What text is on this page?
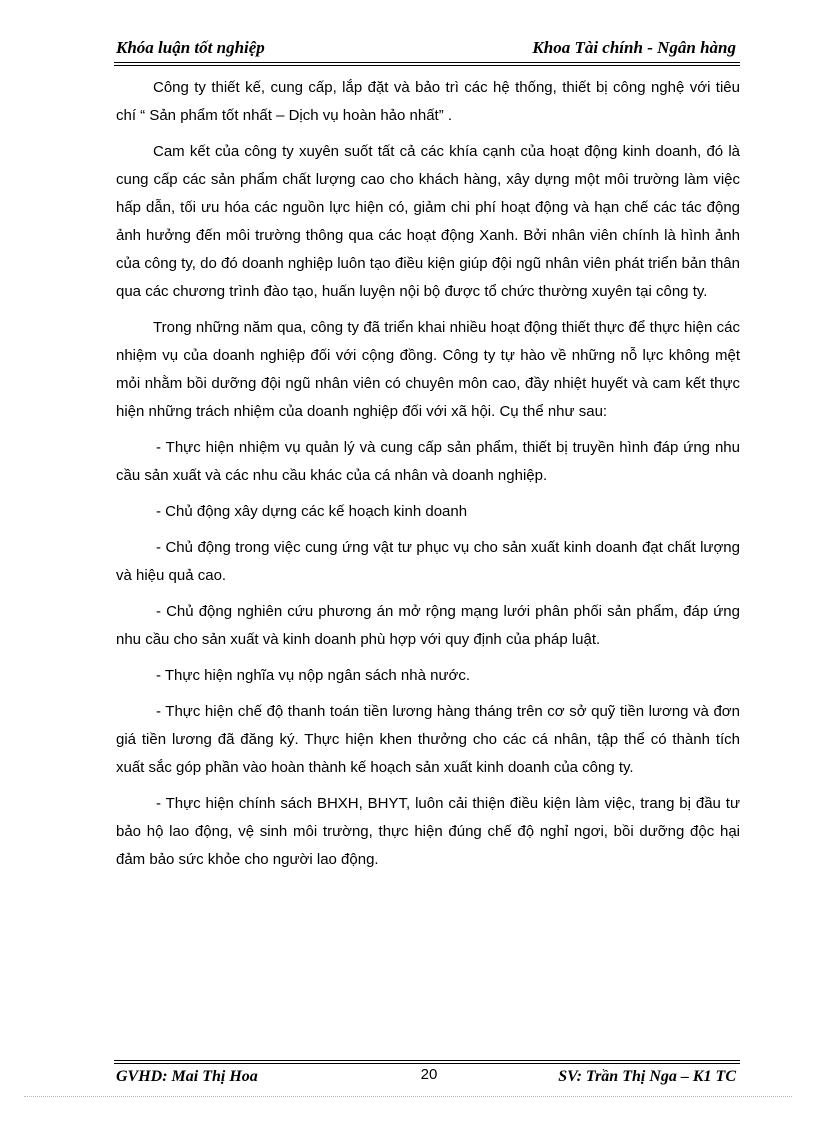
Khóa luận tốt nghiệp	Khoa Tài chính - Ngân hàng

Công ty thiết kế, cung cấp, lắp đặt và bảo trì các hệ thống, thiết bị công nghệ với tiêu chí “ Sản phẩm tốt nhất – Dịch vụ hoàn hảo nhất” .

Cam kết của công ty xuyên suốt tất cả các khía cạnh của hoạt động kinh doanh, đó là cung cấp các sản phẩm chất lượng cao cho khách hàng, xây dựng một môi trường làm việc hấp dẫn, tối ưu hóa các nguồn lực hiện có, giảm chi phí hoạt động và hạn chế các tác động ảnh hưởng đến môi trường thông qua các hoạt động Xanh. Bởi nhân viên chính là hình ảnh của công ty, do đó doanh nghiệp luôn tạo điều kiện giúp đội ngũ nhân viên phát triển bản thân qua các chương trình đào tạo, huấn luyện nội bộ được tổ chức thường xuyên tại công ty.

Trong những năm qua, công ty đã triển khai nhiều hoạt động thiết thực để thực hiện các nhiệm vụ của doanh nghiệp đối với cộng đồng. Công ty tự hào về những nỗ lực không mệt mỏi nhằm bồi dưỡng đội ngũ nhân viên có chuyên môn cao, đầy nhiệt huyết và cam kết thực hiện những trách nhiệm của doanh nghiệp đối với xã hội. Cụ thể như sau:

- Thực hiện nhiệm vụ quản lý và cung cấp sản phẩm, thiết bị truyền hình đáp ứng nhu cầu sản xuất và các nhu cầu khác của cá nhân và doanh nghiệp.

- Chủ động xây dựng các kế hoạch kinh doanh

- Chủ động trong việc cung ứng vật tư phục vụ cho sản xuất kinh doanh đạt chất lượng và hiệu quả cao.

- Chủ động nghiên cứu phương án mở rộng mạng lưới phân phối sản phẩm, đáp ứng nhu cầu cho sản xuất và kinh doanh phù hợp với quy định của pháp luật.

- Thực hiện nghĩa vụ nộp ngân sách nhà nước.

- Thực hiện chế độ thanh toán tiền lương hàng tháng trên cơ sở quỹ tiền lương và đơn giá tiền lương đã đăng ký. Thực hiện khen thưởng cho các cá nhân, tập thể có thành tích xuất sắc góp phần vào hoàn thành kế hoạch sản xuất kinh doanh của công ty.

- Thực hiện chính sách BHXH, BHYT, luôn cải thiện điều kiện làm việc, trang bị đầu tư bảo hộ lao động, vệ sinh môi trường, thực hiện đúng chế độ nghỉ ngơi, bồi dưỡng độc hại đảm bảo sức khỏe cho người lao động.

GVHD: Mai Thị Hoa	20	SV: Trần Thị Nga – K1 TC
